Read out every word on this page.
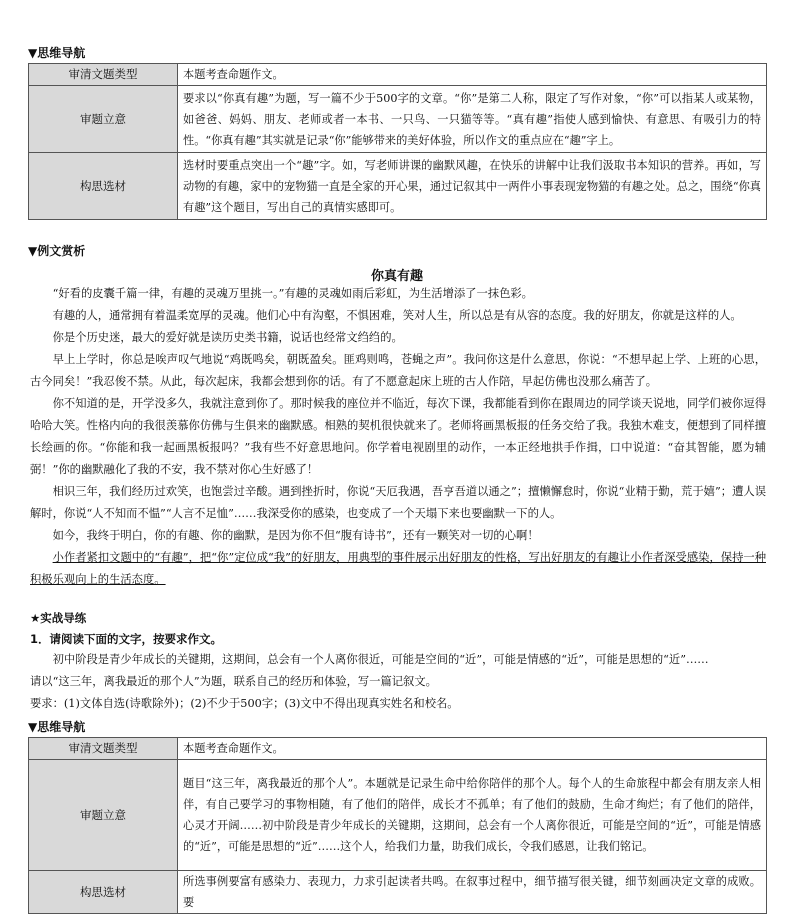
▼思维导航
审清文题类型	本题考查命题作文。
审题立意	要求以“你真有趣”为题，写一篇不少于500字的文章。“你”是第二人称，限定了写作对象，“你”可以指某人或某物，如爸爸、妈妈、朋友、老师或者一本书、一只鸟、一只猫等等。“真有趣”指使人感到愉快、有意思、有吸引力的特性。“你真有趣”其实就是记录“你”能够带来的美好体验，所以作文的重点应在“趣”字上。
构思选材	选材时要重点突出一个“趣”字。如，写老师讲课的幽默风趣，在快乐的讲解中让我们汲取书本知识的营养。再如，写动物的有趣，家中的宠物猫一直是全家的开心果，通过记叙其中一两件小事表现宠物猫的有趣之处。总之，围绕“你真有趣”这个题目，写出自己的真情实感即可。
▼例文赏析
你真有趣

“好看的皮囊千篇一律，有趣的灵魂万里挑一。”有趣的灵魂如雨后彩虹，为生活增添了一抹色彩。

有趣的人，通常拥有着温柔宽厚的灵魂。他们心中有沟壑，不惧困难，笑对人生，所以总是有从容的态度。我的好朋友，你就是这样的人。

你是个历史迷，最大的爱好就是读历史类书籍，说话也经常文绉绉的。

早上上学时，你总是唉声叹气地说“鸡既鸣矣，朝既盈矣。匪鸡则鸣，苍蝇之声”。我问你这是什么意思，你说：“不想早起上学、上班的心思，古今同矣！”我忍俊不禁。从此，每次起床，我都会想到你的话。有了不愿意起床上班的古人作陪，早起仿佛也没那么痛苦了。

你不知道的是，开学没多久，我就注意到你了。那时候我的座位并不临近，每次下课，我都能看到你在跟周边的同学谈天说地，同学们被你逗得哈哈大笑。性格内向的我很羡慕你仿佛与生俱来的幽默感。相熟的契机很快就来了。老师将画黑板报的任务交给了我。我独木难支，便想到了同样擅长绘画的你。“你能和我一起画黑板报吗？”我有些不好意思地问。你学着电视剧里的动作，一本正经地拱手作揖，口中说道：“奋其智能，愿为辅弼！”你的幽默融化了我的不安，我不禁对你心生好感了！

相识三年，我们经历过欢笑，也饱尝过辛酸。遇到挫折时，你说“天厄我遇，吾亨吾道以通之”；擅懒懈怠时，你说“业精于勤，荒于嬉”；遭人误解时，你说“人不知而不愠”“人言不足恤”……我深受你的感染，也变成了一个天塌下来也要幽默一下的人。

如今，我终于明白，你的有趣、你的幽默，是因为你不但“腹有诗书”，还有一颗笑对一切的心啊！

小作者紧扣文题中的“有趣”，把“你”定位成“我”的好朋友，用典型的事件展示出好朋友的性格，写出好朋友的有趣让小作者深受感染，保持一种积极乐观向上的生活态度。

★实战导练
1．请阅读下面的文字，按要求作文。

初中阶段是青少年成长的关键期，这期间，总会有一个人离你很近，可能是空间的“近”，可能是情感的“近”，可能是思想的“近”……

请以“这三年，离我最近的那个人”为题，联系自己的经历和体验，写一篇记叙文。

要求：(1)文体自选(诗歌除外)；(2)不少于500字；(3)文中不得出现真实姓名和校名。

▼思维导航
审清文题类型	本题考查命题作文。
审题立意	题目“这三年，离我最近的那个人”。本题就是记录生命中给你陪伴的那个人。每个人的生命旅程中都会有朋友亲人相伴，有自己要学习的事物相随，有了他们的陪伴，成长才不孤单；有了他们的鼓励，生命才绚烂；有了他们的陪伴，心灵才开阔……初中阶段是青少年成长的关键期，这期间，总会有一个人离你很近，可能是空间的“近”，可能是情感的“近”，可能是思想的“近”……这个人，给我们力量，助我们成长，令我们感恩，让我们铭记。
构思选材	所选事例要富有感染力、表现力，力求引起读者共鸣。在叙事过程中，细节描写很关键，细节刻画决定文章的成败。要
